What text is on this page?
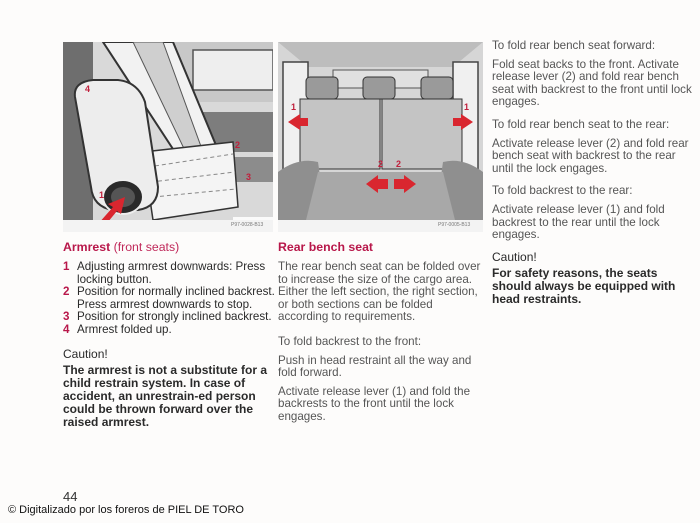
P97-0028-B13
4
2
3
1
P97-0005-B13
1	1
2 2
Armrest (front seats)
1 Adjusting armrest downwards: Press locking button.
2 Position for normally inclined backrest. Press armrest downwards to stop.
3 Position for strongly inclined backrest.
4 Armrest folded up.

Caution!

The armrest is not a substitute for a child restrain system. In case of accident, an unrestrain-ed person could be thrown forward over the raised armrest.

Rear bench seat

The rear bench seat can be folded over to increase the size of the cargo area. Either the left section, the right section, or both sections can be folded according to requirements.

To fold backrest to the front:

Push in head restraint all the way and fold forward.

Activate release lever (1) and fold the backrests to the front until the lock engages.

To fold rear bench seat forward:

Fold seat backs to the front. Activate release lever (2) and fold rear bench seat with backrest to the front until lock engages.

To fold rear bench seat to the rear:

Activate release lever (2) and fold rear bench seat with backrest to the rear until the lock engages.

To fold backrest to the rear:

Activate release lever (1) and fold backrest to the rear until the lock engages.

Caution!

For safety reasons, the seats should always be equipped with head restraints.

44
© Digitalizado por los foreros de PIEL DE TORO
